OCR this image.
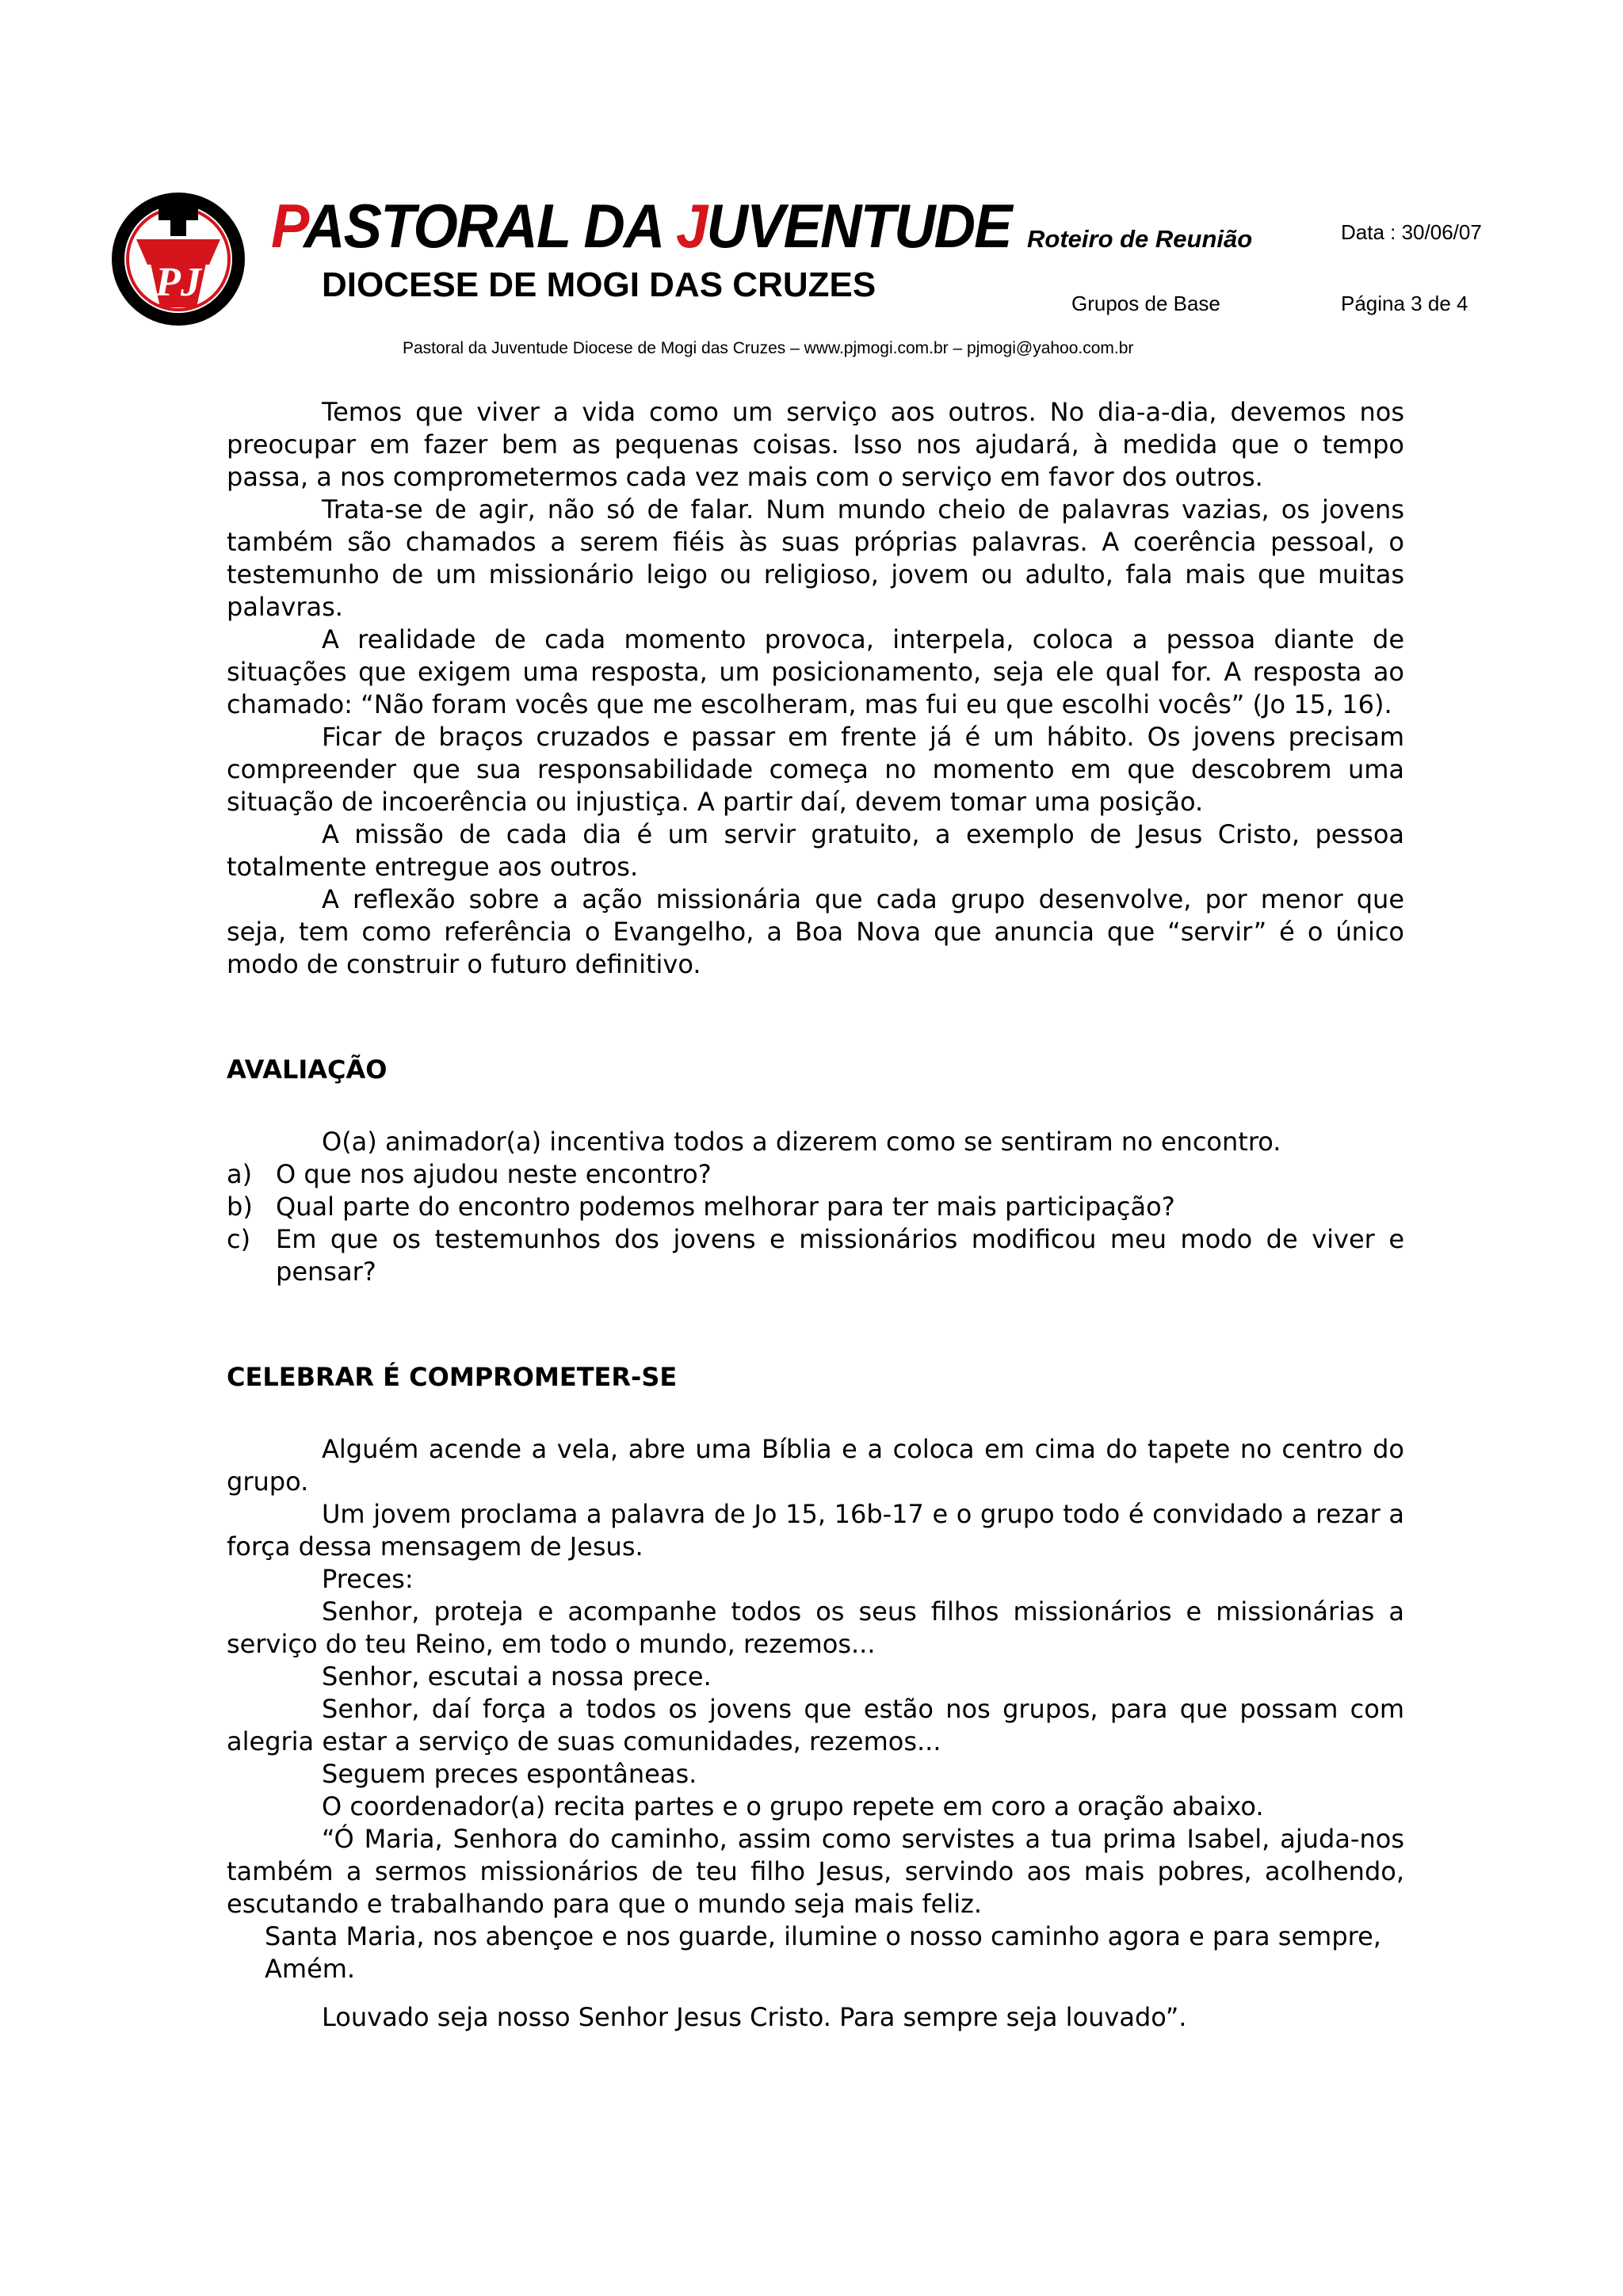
PJ
PASTORAL DA JUVENTUDE
DIOCESE DE MOGI DAS CRUZES
Roteiro de Reunião	Data : 30/06/07
Grupos de Base	Página 3 de 4
Pastoral da Juventude Diocese de Mogi das Cruzes – www.pjmogi.com.br – pjmogi@yahoo.com.br

Temos que viver a vida como um serviço aos outros. No dia-a-dia, devemos nos preocupar em fazer bem as pequenas coisas. Isso nos ajudará, à medida que o tempo passa, a nos comprometermos cada vez mais com o serviço em favor dos outros.

Trata-se de agir, não só de falar. Num mundo cheio de palavras vazias, os jovens também são chamados a serem fiéis às suas próprias palavras. A coerência pessoal, o testemunho de um missionário leigo ou religioso, jovem ou adulto, fala mais que muitas palavras.

A realidade de cada momento provoca, interpela, coloca a pessoa diante de situações que exigem uma resposta, um posicionamento, seja ele qual for. A resposta ao chamado: “Não foram vocês que me escolheram, mas fui eu que escolhi vocês” (Jo 15, 16).

Ficar de braços cruzados e passar em frente já é um hábito. Os jovens precisam compreender que sua responsabilidade começa no momento em que descobrem uma situação de incoerência ou injustiça. A partir daí, devem tomar uma posição.

A missão de cada dia é um servir gratuito, a exemplo de Jesus Cristo, pessoa totalmente entregue aos outros.

A reflexão sobre a ação missionária que cada grupo desenvolve, por menor que seja, tem como referência o Evangelho, a Boa Nova que anuncia que “servir” é o único modo de construir o futuro definitivo.

AVALIAÇÃO

O(a) animador(a) incentiva todos a dizerem como se sentiram no encontro.

a) O que nos ajudou neste encontro?
b) Qual parte do encontro podemos melhorar para ter mais participação?
c) Em que os testemunhos dos jovens e missionários modificou meu modo de viver e pensar?
CELEBRAR É COMPROMETER-SE

Alguém acende a vela, abre uma Bíblia e a coloca em cima do tapete no centro do grupo.

Um jovem proclama a palavra de Jo 15, 16b-17 e o grupo todo é convidado a rezar a força dessa mensagem de Jesus.

Preces:

Senhor, proteja e acompanhe todos os seus filhos missionários e missionárias a serviço do teu Reino, em todo o mundo, rezemos...

Senhor, escutai a nossa prece.

Senhor, daí força a todos os jovens que estão nos grupos, para que possam com alegria estar a serviço de suas comunidades, rezemos...

Seguem preces espontâneas.

O coordenador(a) recita partes e o grupo repete em coro a oração abaixo.

“Ó Maria, Senhora do caminho, assim como servistes a tua prima Isabel, ajuda-nos também a sermos missionários de teu filho Jesus, servindo aos mais pobres, acolhendo, escutando e trabalhando para que o mundo seja mais feliz.

Santa Maria, nos abençoe e nos guarde, ilumine o nosso caminho agora e para sempre, Amém.

Louvado seja nosso Senhor Jesus Cristo. Para sempre seja louvado”.
